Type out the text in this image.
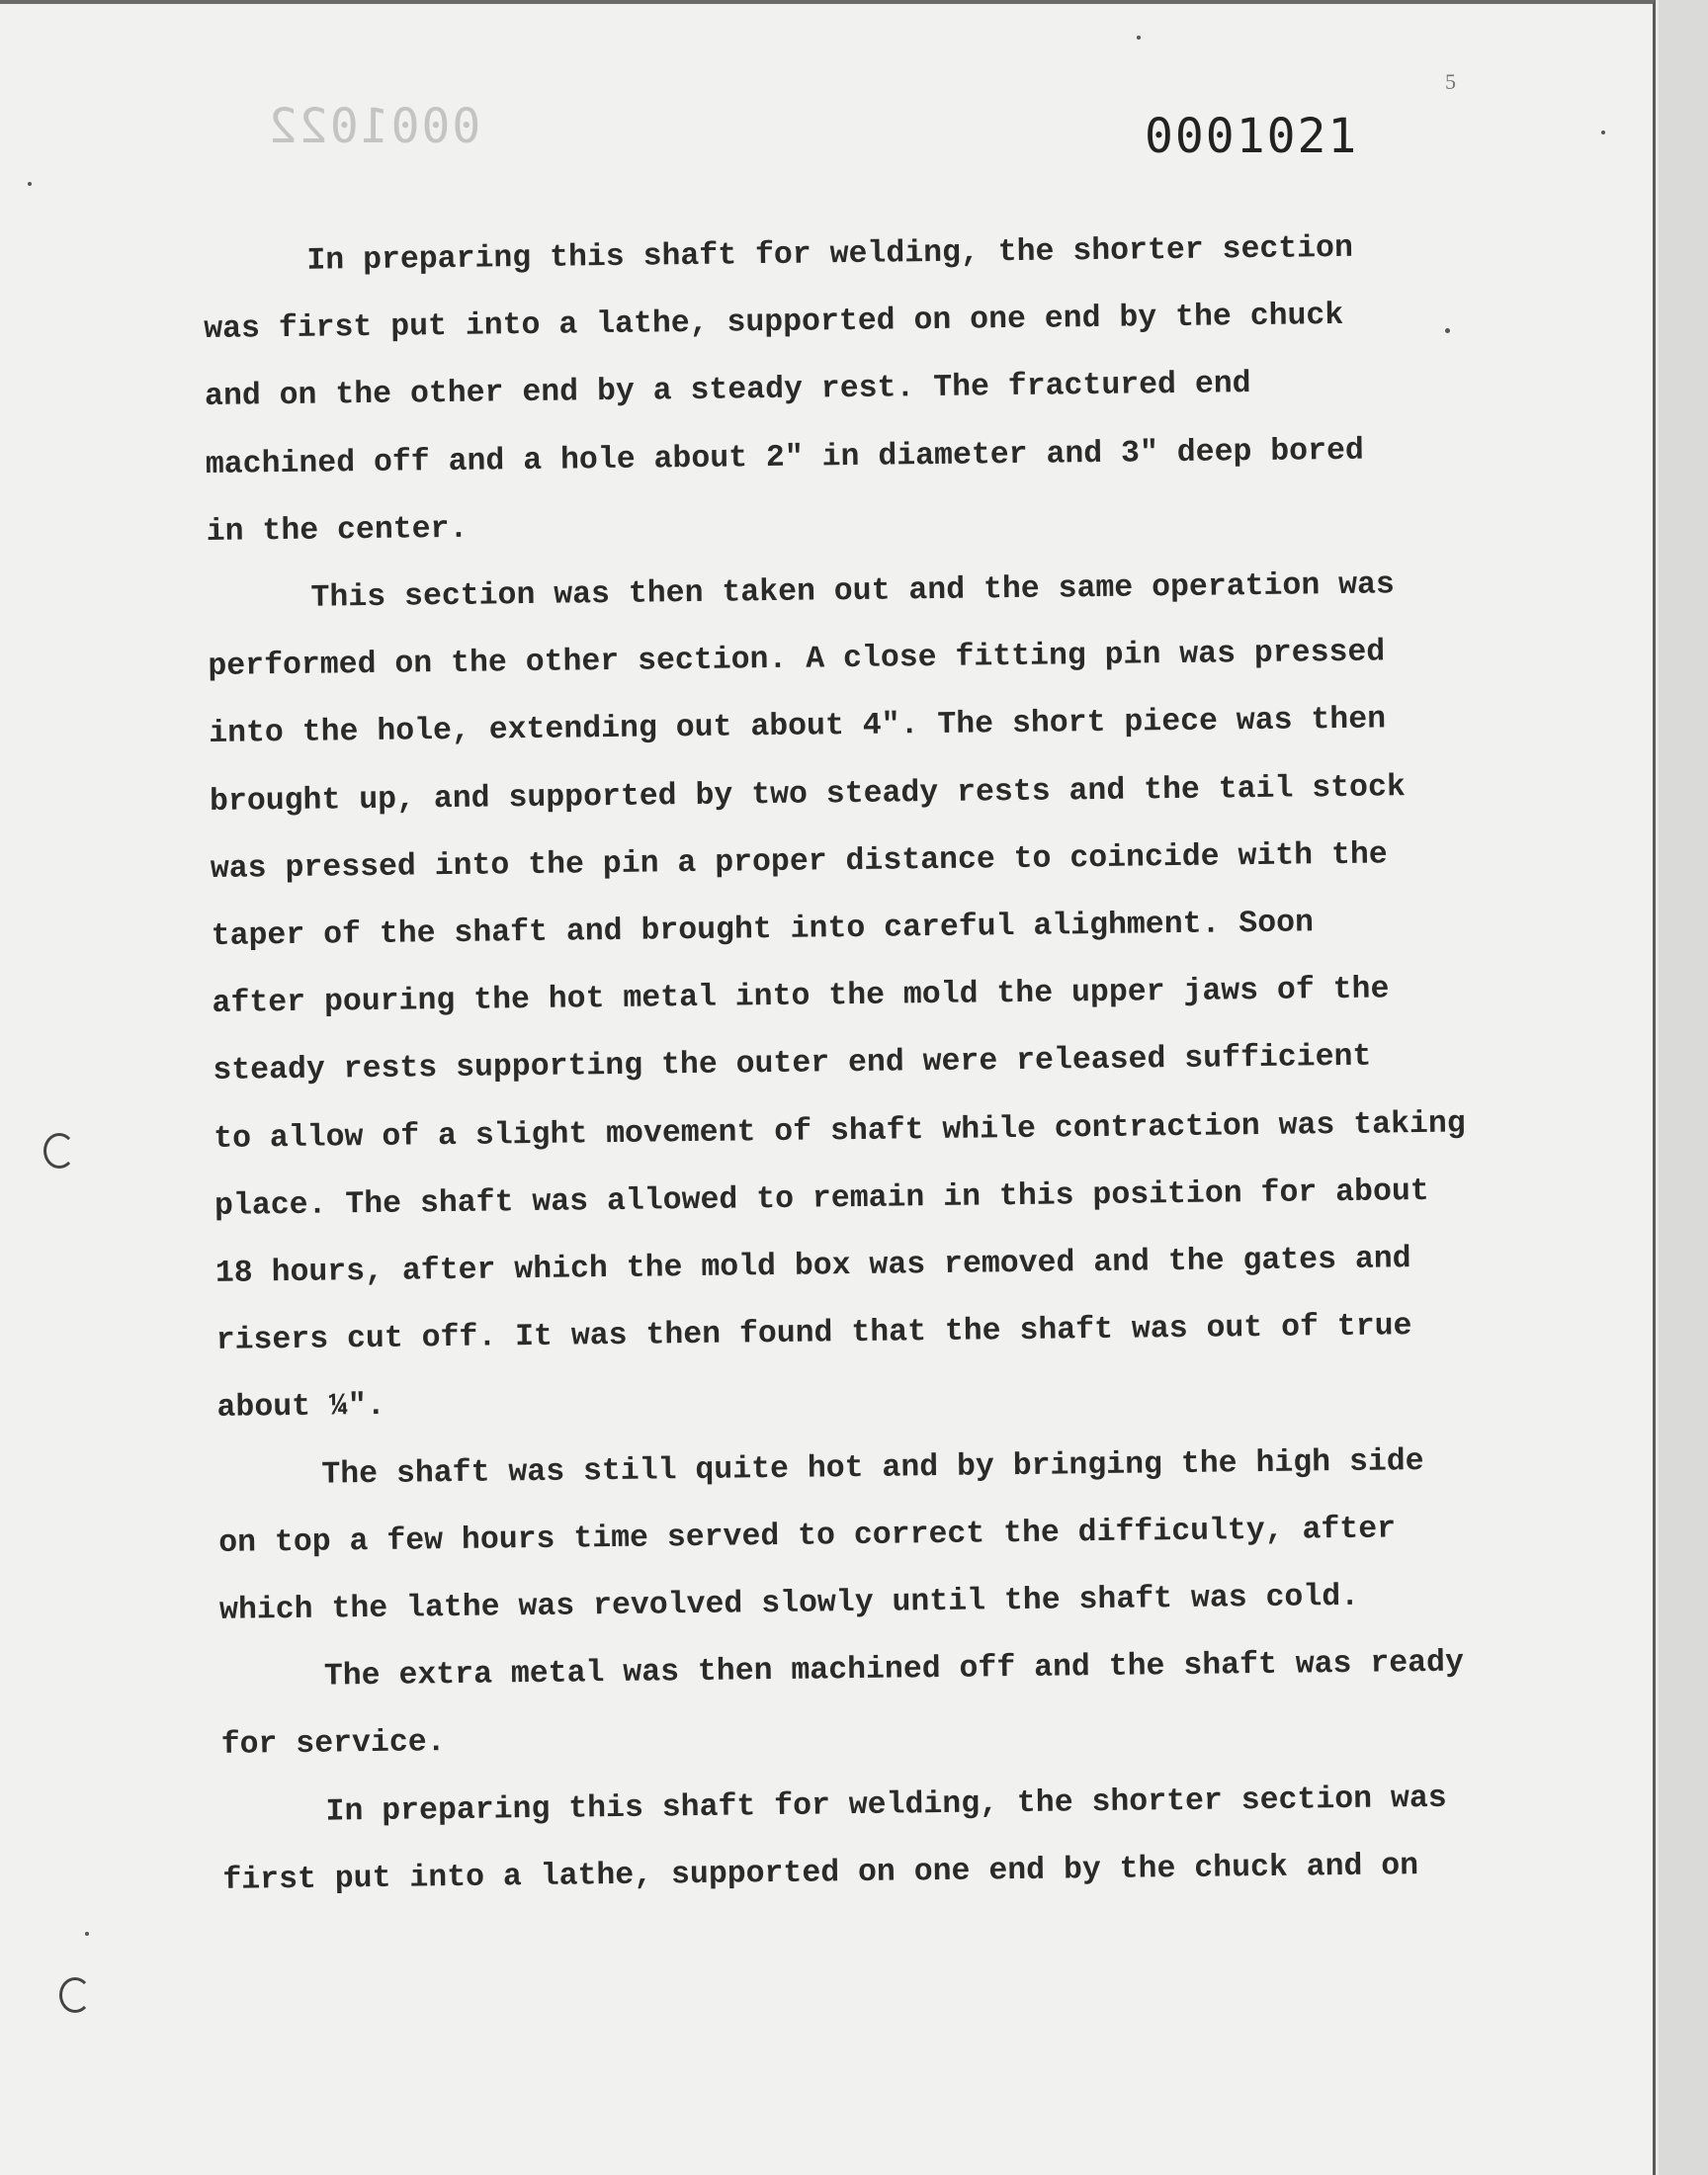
0001022	0001021
5
In preparing this shaft for welding, the shorter section
was first put into a lathe, supported on one end by the chuck
and on the other end by a steady rest. The fractured end
machined off and a hole about 2" in diameter and 3" deep bored
in the center.
This section was then taken out and the same operation was
performed on the other section. A close fitting pin was pressed
into the hole, extending out about 4". The short piece was then
brought up, and supported by two steady rests and the tail stock
was pressed into the pin a proper distance to coincide with the
taper of the shaft and brought into careful alighment. Soon
after pouring the hot metal into the mold the upper jaws of the
steady rests supporting the outer end were released sufficient
to allow of a slight movement of shaft while contraction was taking
place. The shaft was allowed to remain in this position for about
18 hours, after which the mold box was removed and the gates and
risers cut off. It was then found that the shaft was out of true
about ¼".
The shaft was still quite hot and by bringing the high side
on top a few hours time served to correct the difficulty, after
which the lathe was revolved slowly until the shaft was cold.
The extra metal was then machined off and the shaft was ready
for service.
In preparing this shaft for welding, the shorter section was
first put into a lathe, supported on one end by the chuck and on
